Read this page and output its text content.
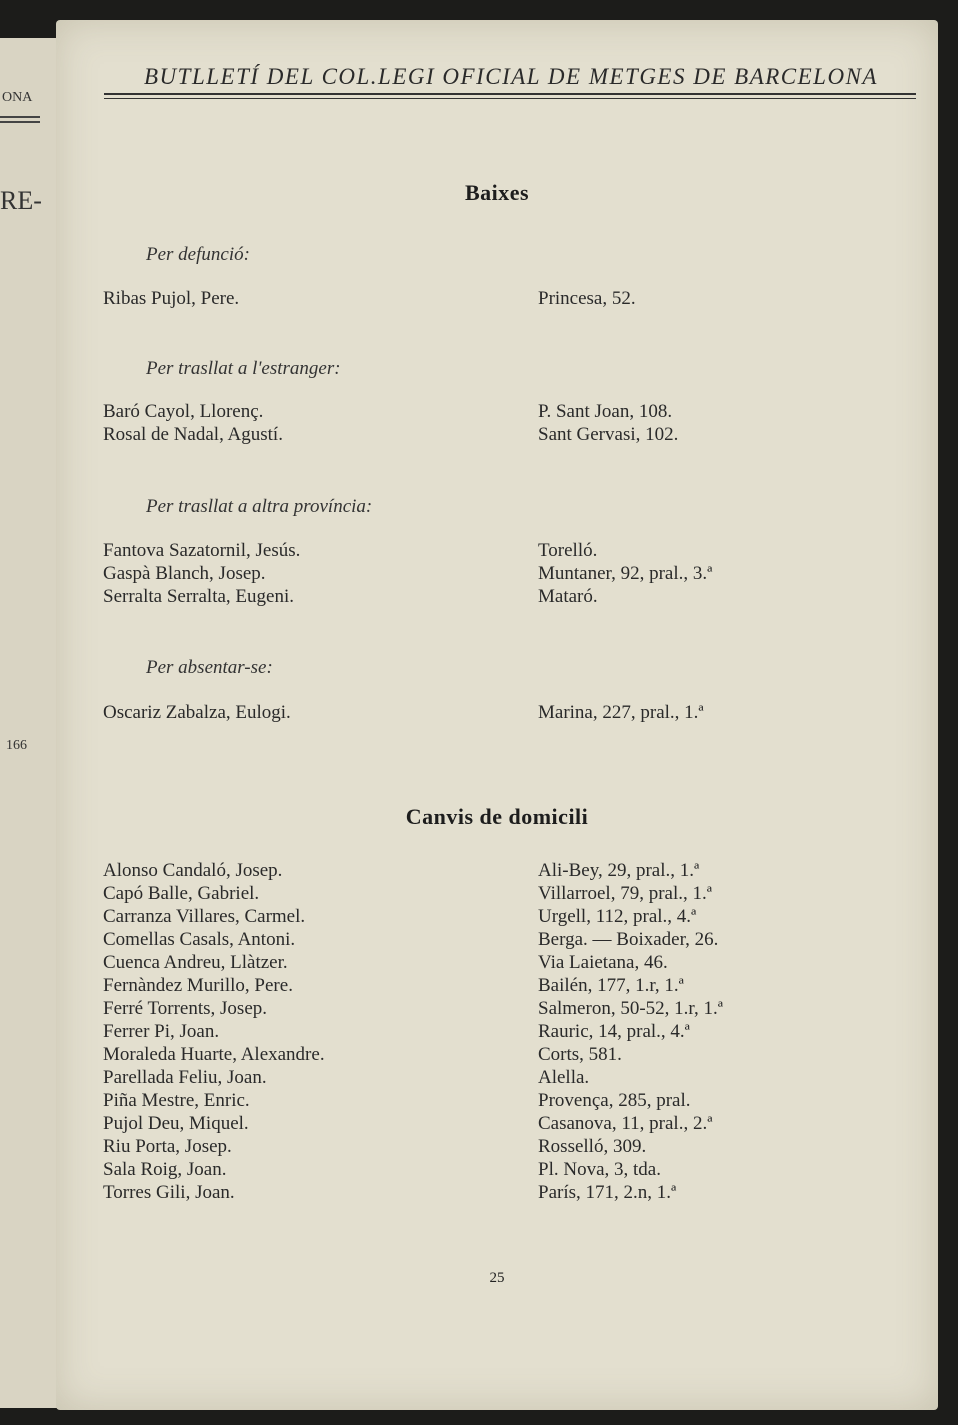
ONA
RE-
166
BUTLLETÍ DEL COL.LEGI OFICIAL DE METGES DE BARCELONA
Baixes
Per defunció:
Ribas Pujol, Pere.	Princesa, 52.
Per trasllat a l'estranger:
Baró Cayol, Llorenç.	P. Sant Joan, 108.
Rosal de Nadal, Agustí.	Sant Gervasi, 102.
Per trasllat a altra província:
Fantova Sazatornil, Jesús.	Torelló.
Gaspà Blanch, Josep.	Muntaner, 92, pral., 3.ª
Serralta Serralta, Eugeni.	Mataró.
Per absentar-se:
Oscariz Zabalza, Eulogi.	Marina, 227, pral., 1.ª
Canvis de domicili
Alonso Candaló, Josep.	Ali-Bey, 29, pral., 1.ª
Capó Balle, Gabriel.	Villarroel, 79, pral., 1.ª
Carranza Villares, Carmel.	Urgell, 112, pral., 4.ª
Comellas Casals, Antoni.	Berga. — Boixader, 26.
Cuenca Andreu, Llàtzer.	Via Laietana, 46.
Fernàndez Murillo, Pere.	Bailén, 177, 1.r, 1.ª
Ferré Torrents, Josep.	Salmeron, 50-52, 1.r, 1.ª
Ferrer Pi, Joan.	Rauric, 14, pral., 4.ª
Moraleda Huarte, Alexandre.	Corts, 581.
Parellada Feliu, Joan.	Alella.
Piña Mestre, Enric.	Provença, 285, pral.
Pujol Deu, Miquel.	Casanova, 11, pral., 2.ª
Riu Porta, Josep.	Rosselló, 309.
Sala Roig, Joan.	Pl. Nova, 3, tda.
Torres Gili, Joan.	París, 171, 2.n, 1.ª
25
